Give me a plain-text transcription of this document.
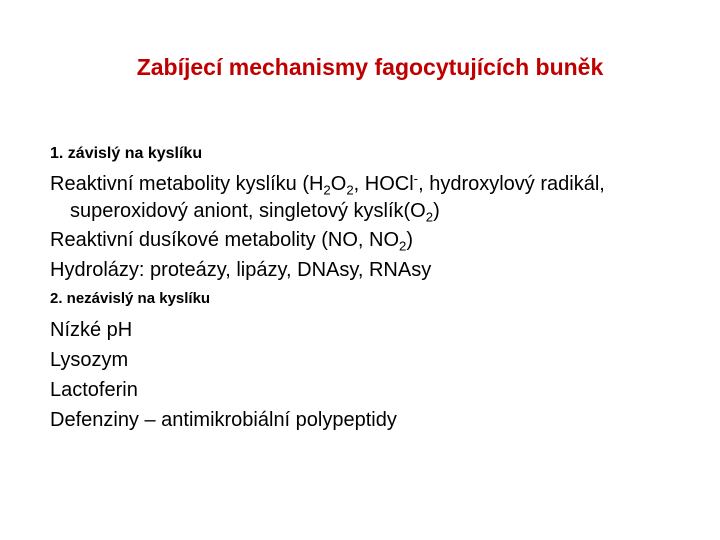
Zabíjecí mechanismy fagocytujících buněk

1. závislý na kyslíku

Reaktivní metabolity kyslíku ($H_2O_2$, HOCl-, hydroxylový radikál, superoxidový aniont, singletový $kyslík(O_2)$

Reaktivní dusíkové metabolity (NO, $NO_2$)

Hydrolázy: proteázy, lipázy, DNAsy, RNAsy

2. nezávislý na kyslíku

Nízké pH

Lysozym

Lactoferin

Defenziny – antimikrobiální polypeptidy
